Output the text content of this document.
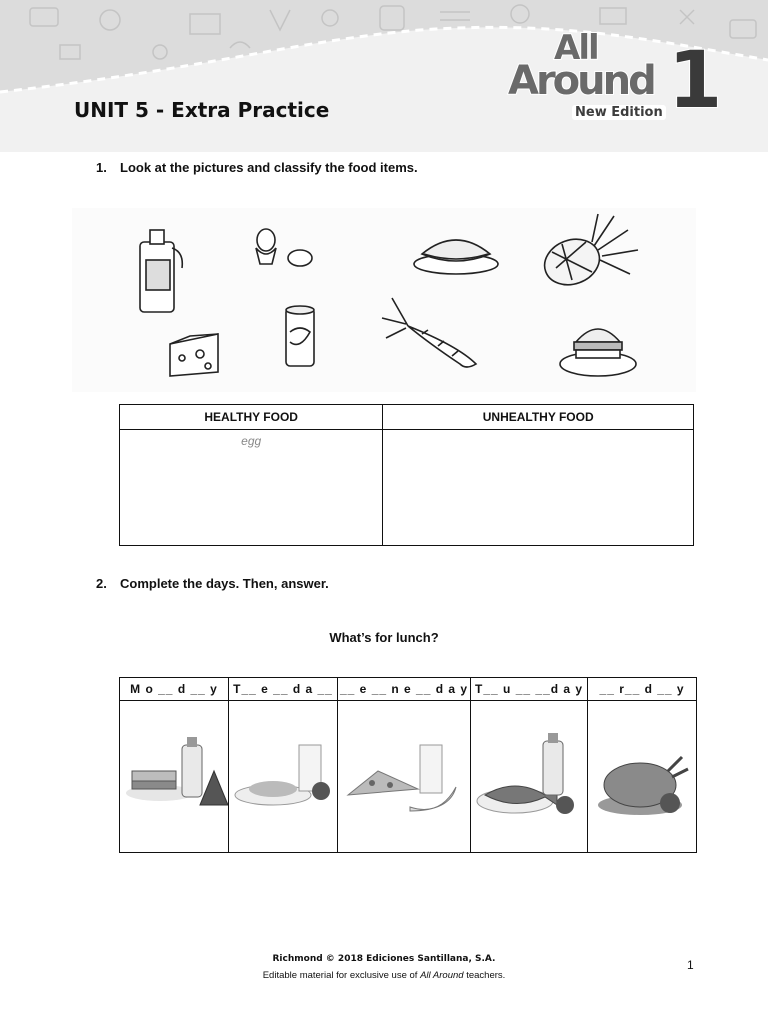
UNIT 5 - Extra Practice
All
Around 1
New Edition
1. Look at the pictures and classify the food items.
HEALTHY FOOD	UNHEALTHY FOOD
egg	
2. Complete the days. Then, answer.
What’s for lunch?
M o __ d __ y	T__ e __ d a __	__ e __ n e __ d a y	T__ u __ __d a y	__ r__ d __ y

Richmond © 2018 Ediciones Santillana, S.A.
Editable material for exclusive use of All Around teachers.
1
